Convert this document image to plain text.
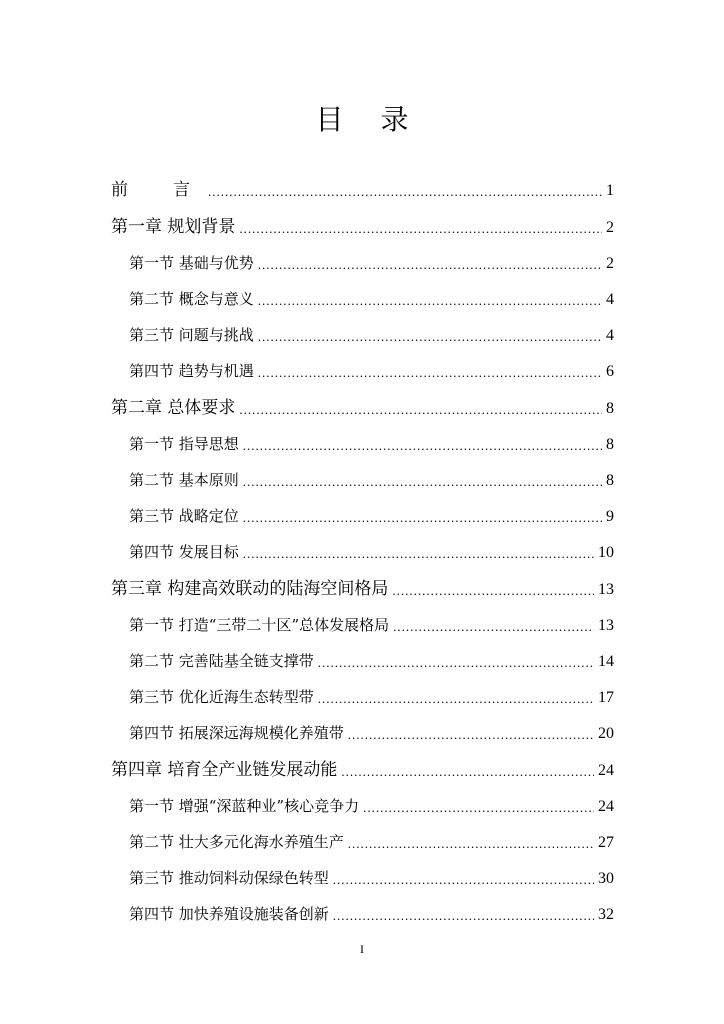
目 录
前　言 .....	1
第一章 规划背景 .....	2
第一节 基础与优势 .....	2
第二节 概念与意义 .....	4
第三节 问题与挑战 .....	4
第四节 趋势与机遇 .....	6
第二章 总体要求 .....	8
第一节 指导思想 .....	8
第二节 基本原则 .....	8
第三节 战略定位 .....	9
第四节 发展目标 .....	10
第三章 构建高效联动的陆海空间格局 .....	13
第一节 打造“三带二十区”总体发展格局 .....	13
第二节 完善陆基全链支撑带 .....	14
第三节 优化近海生态转型带 .....	17
第四节 拓展深远海规模化养殖带 .....	20
第四章 培育全产业链发展动能 .....	24
第一节 增强“深蓝种业”核心竞争力 .....	24
第二节 壮大多元化海水养殖生产 .....	27
第三节 推动饲料动保绿色转型 .....	30
第四节 加快养殖设施装备创新 .....	32
I
